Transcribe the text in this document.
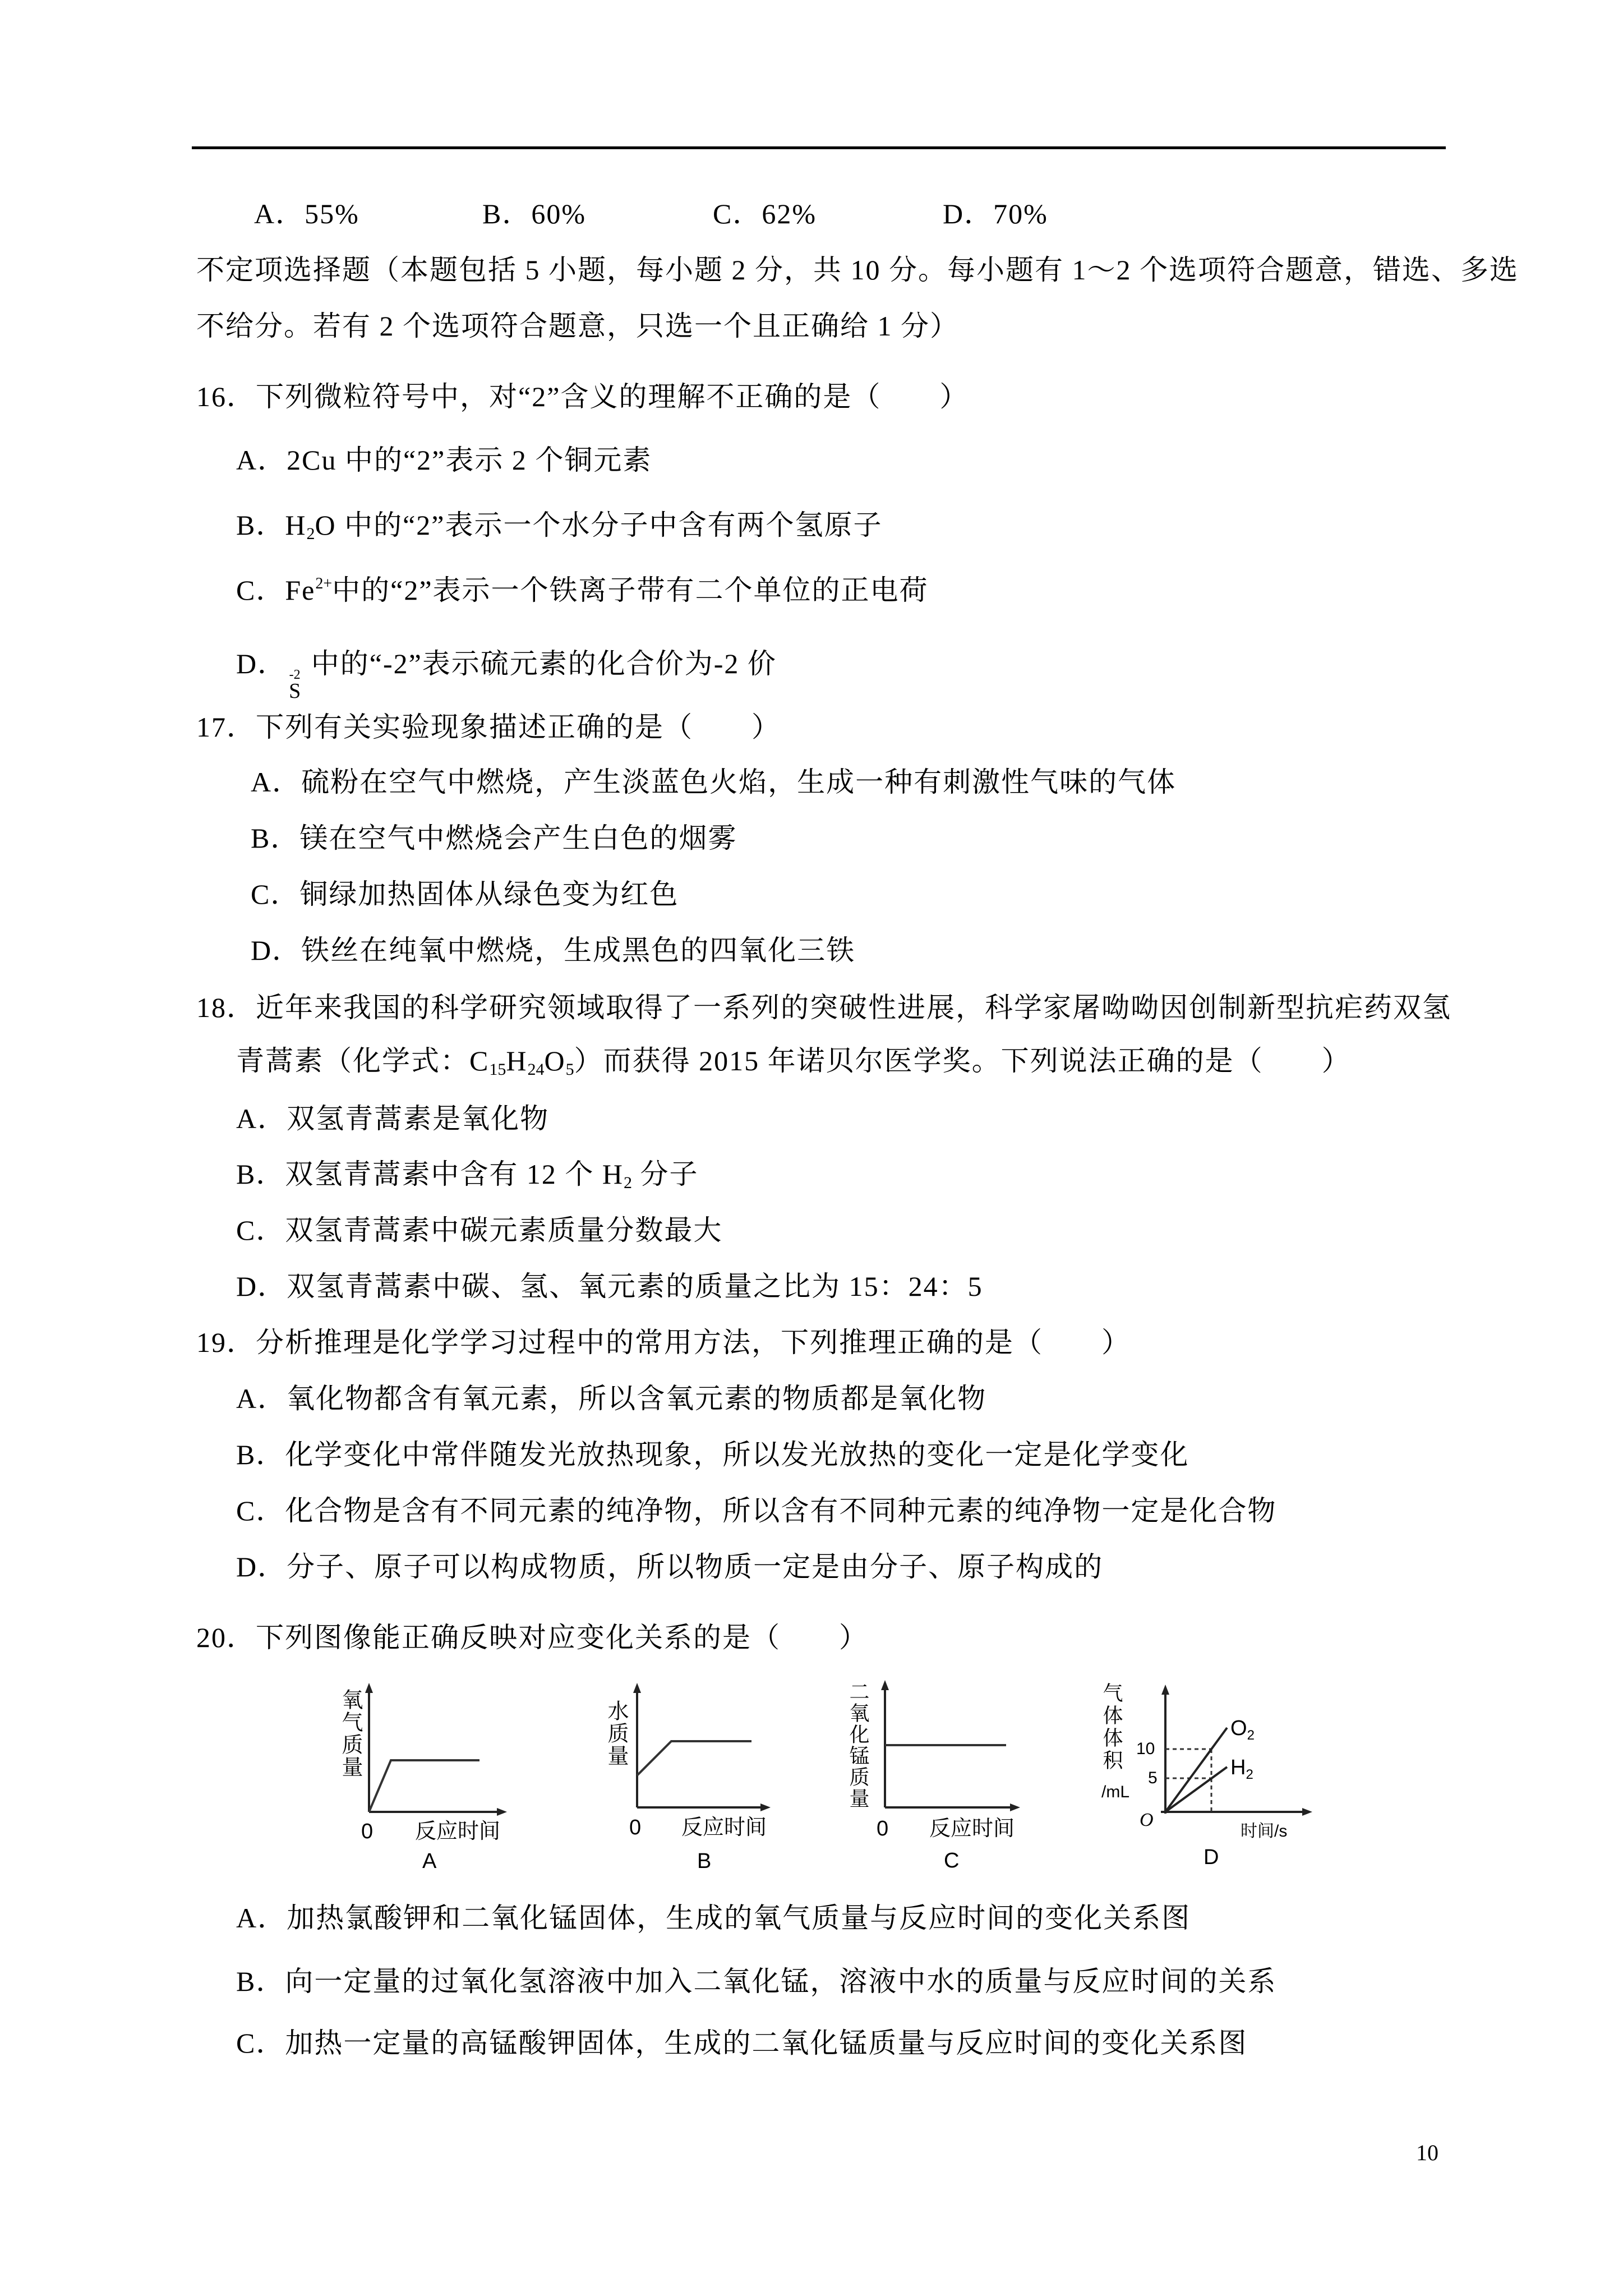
A．55%	B．60%	C．62%	D．70%
不定项选择题（本题包括 5 小题，每小题 2 分，共 10 分。每小题有 1～2 个选项符合题意，错选、多选
不给分。若有 2 个选项符合题意，只选一个且正确给 1 分）
16．下列微粒符号中，对“2”含义的理解不正确的是（　　）
A．2Cu 中的“2”表示 2 个铜元素
B．$H_2O$ 中的“2”表示一个水分子中含有两个氢原子
C．$Fe^{2+}$中的“2”表示一个铁离子带有二个单位的正电荷
D． -2
S
中的“-2”表示硫元素的化合价为-2 价
17．下列有关实验现象描述正确的是（　　）
A．硫粉在空气中燃烧，产生淡蓝色火焰，生成一种有刺激性气味的气体
B．镁在空气中燃烧会产生白色的烟雾
C．铜绿加热固体从绿色变为红色
D．铁丝在纯氧中燃烧，生成黑色的四氧化三铁
18．近年来我国的科学研究领域取得了一系列的突破性进展，科学家屠呦呦因创制新型抗疟药双氢
青蒿素（化学式：$C_{15}H_{24}O_5$）而获得 2015 年诺贝尔医学奖。下列说法正确的是（　　）
A．双氢青蒿素是氧化物
B．双氢青蒿素中含有 12 个 $H_2$ 分子
C．双氢青蒿素中碳元素质量分数最大
D．双氢青蒿素中碳、氢、氧元素的质量之比为 15：24：5
19．分析推理是化学学习过程中的常用方法，下列推理正确的是（　　）
A．氧化物都含有氧元素，所以含氧元素的物质都是氧化物
B．化学变化中常伴随发光放热现象，所以发光放热的变化一定是化学变化
C．化合物是含有不同元素的纯净物，所以含有不同种元素的纯净物一定是化合物
D．分子、原子可以构成物质，所以物质一定是由分子、原子构成的
20．下列图像能正确反映对应变化关系的是（　　）
氧气质量
0 反应时间
A
水质量
0 反应时间
B
二氧化锰质量
0 反应时间
C
气体体积
/mL
10
5
O
$O_2$
$H_2$
时间/s
D
A．加热氯酸钾和二氧化锰固体，生成的氧气质量与反应时间的变化关系图
B．向一定量的过氧化氢溶液中加入二氧化锰，溶液中水的质量与反应时间的关系
C．加热一定量的高锰酸钾固体，生成的二氧化锰质量与反应时间的变化关系图
10
